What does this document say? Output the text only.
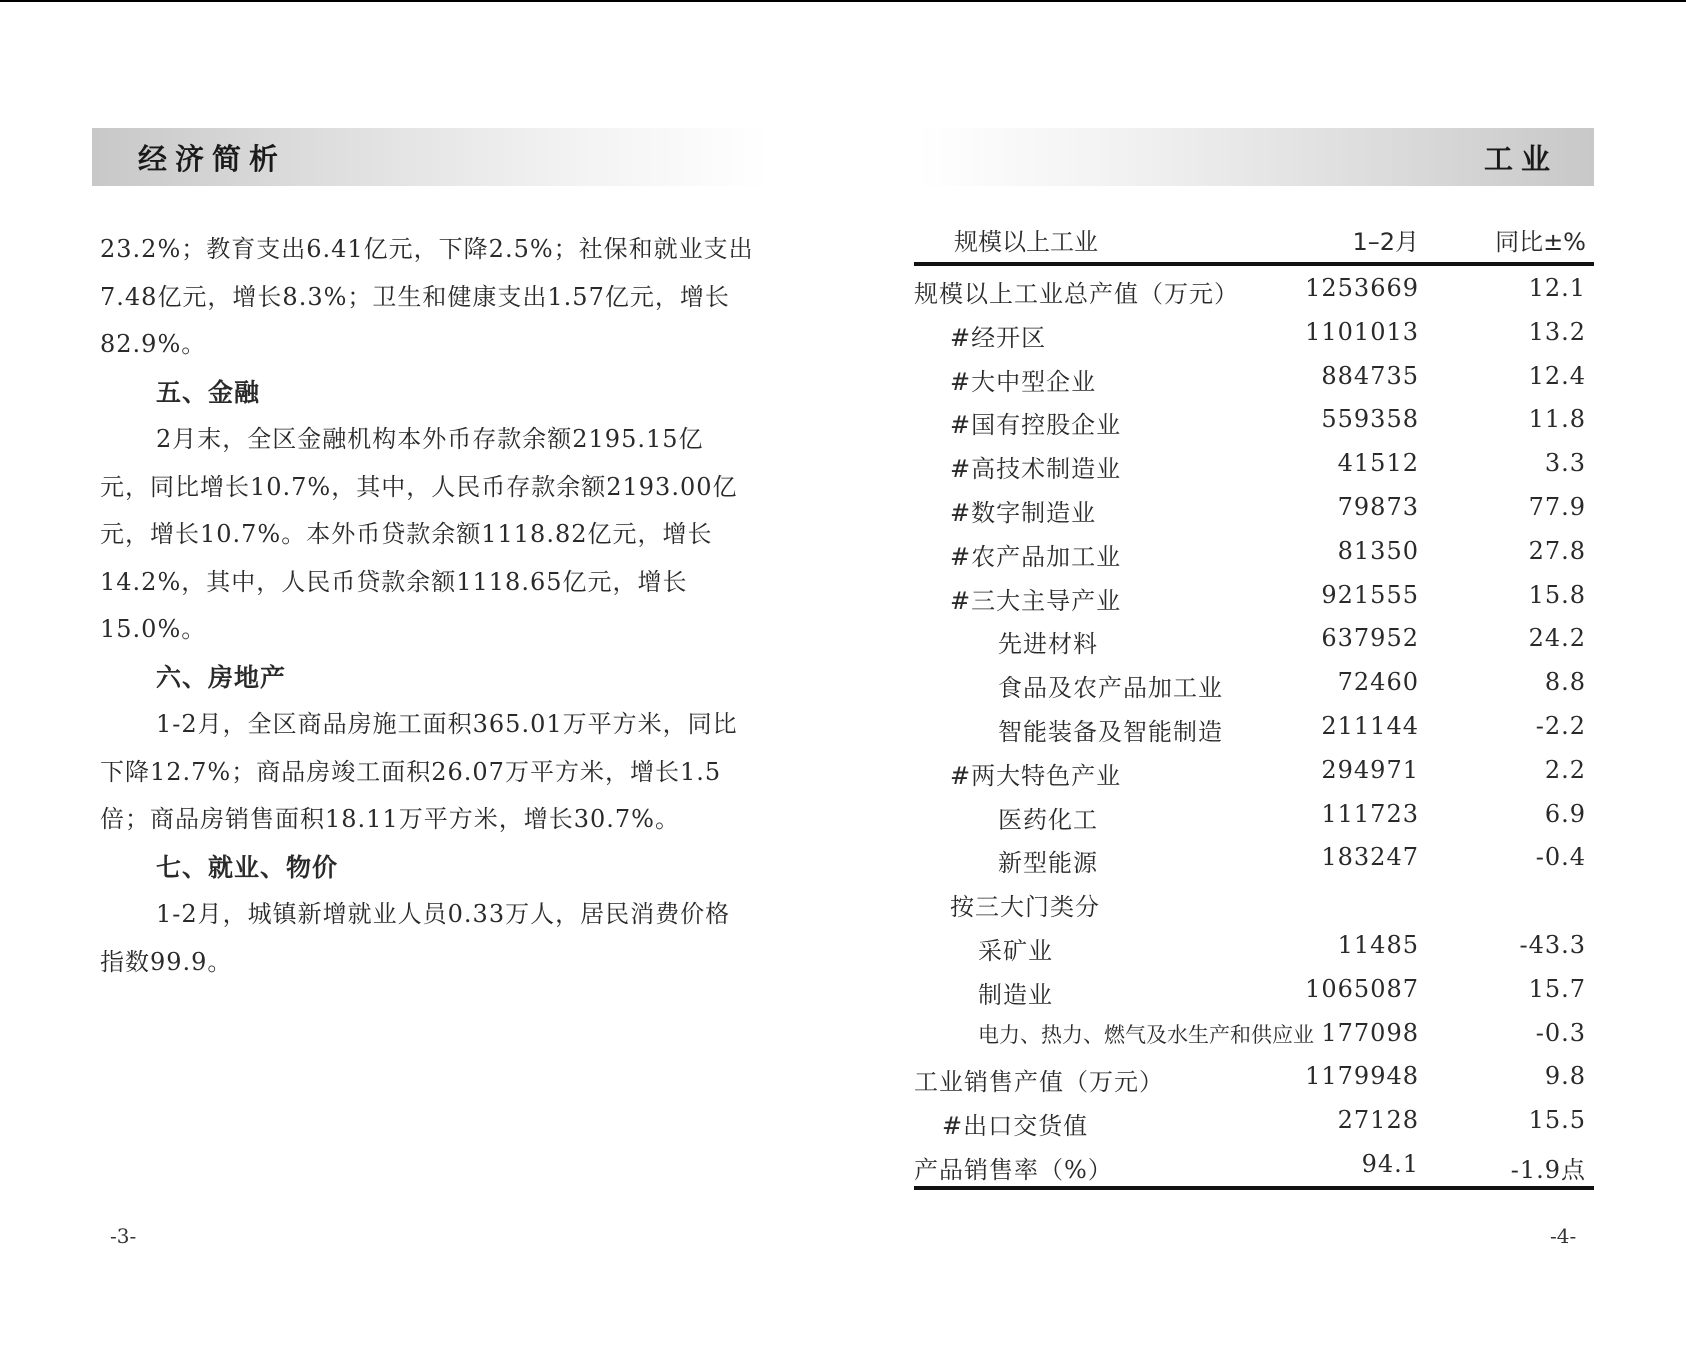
经济简析	工业

23.2%；教育支出6.41亿元，下降2.5%；社保和就业支出

7.48亿元，增长8.3%；卫生和健康支出1.57亿元，增长

82.9%。

五、金融

2月末，全区金融机构本外币存款余额2195.15亿

元，同比增长10.7%，其中，人民币存款余额2193.00亿

元，增长10.7%。本外币贷款余额1118.82亿元，增长

14.2%，其中，人民币贷款余额1118.65亿元，增长

15.0%。

六、房地产

1-2月，全区商品房施工面积365.01万平方米，同比

下降12.7%；商品房竣工面积26.07万平方米，增长1.5

倍；商品房销售面积18.11万平方米，增长30.7%。

七、就业、物价

1-2月，城镇新增就业人员0.33万人，居民消费价格

指数99.9。

-3-
规模以上工业	1–2月	同比±%
规模以上工业总产值（万元）	1253669	12.1
#经开区	1101013	13.2
#大中型企业	884735	12.4
#国有控股企业	559358	11.8
#高技术制造业	41512	3.3
#数字制造业	79873	77.9
#农产品加工业	81350	27.8
#三大主导产业	921555	15.8
先进材料	637952	24.2
食品及农产品加工业	72460	8.8
智能装备及智能制造	211144	-2.2
#两大特色产业	294971	2.2
医药化工	111723	6.9
新型能源	183247	-0.4
按三大门类分
采矿业	11485	-43.3
制造业	1065087	15.7
电力、热力、燃气及水生产和供应业 177098	-0.3
工业销售产值（万元）	1179948	9.8
#出口交货值	27128	15.5
产品销售率（%）	94.1	-1.9点
-4-
